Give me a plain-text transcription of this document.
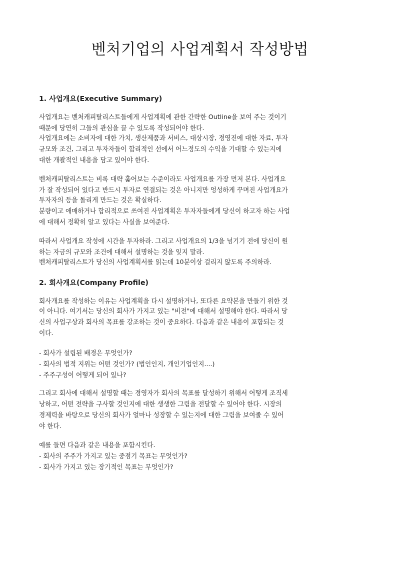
벤처기업의 사업계획서 작성방법
1. 사업개요(Executive Summary)
사업개요는 벤처캐피탈리스트들에게 사업계획에 관한 간략한 Outline을 보여 주는 것이기
때문에 당연히 그들의 관심을 끌 수 있도록 작성되어야 한다.
사업개요에는 소비자에 대한 가치, 생산제품과 서비스, 대상시장, 경영진에 대한 자료, 투자
규모와 조건, 그리고 투자자들이 합리적인 선에서 어느정도의 수익을 기대할 수 있는지에
대한 개괄적인 내용을 담고 있어야 한다.
벤처캐피탈리스트는 비록 대략 훑어보는 수준이라도 사업개요를 가장 먼저 본다. 사업개요
가 잘 작성되어 있다고 반드시 투자로 연결되는 것은 아니지만 엉성하게 꾸며진 사업개요가
투자자의 등을 돌리게 만드는 것은 확실하다.
분량이고 애매하거나 합리적으로 쓰여진 사업계획은 투자자들에게 당신이 하고자 하는 사업
에 대해서 정확히 알고 있다는 사실을 보여준다.
따라서 사업개요 작성에 시간을 투자하라. 그리고 사업개요의 1/3을 넘기기 전에 당신이 원
하는 자금의 규모와 조건에 대해서 설명하는 것을 잊지 말라.
벤처캐피탈리스트가 당신의 사업계획서를 읽는데 10분이상 걸리지 않도록 주의하라.
2. 회사개요(Company Profile)
회사개요를 작성하는 이유는 사업계획을 다시 설명하거나, 또다른 요약본을 만들기 위한 것
이 아니다. 여기서는 당신의 회사가 가지고 있는 "비전"에 대해서 설명해야 한다. 따라서 당
신의 사업구상과 회사의 목표를 강조하는 것이 중요하다. 다음과 같은 내용이 포함되는 것
이다.
- 회사가 설립된 배경은 무엇인가?
- 회사의 법적 지위는 어떤 것인가? (법인인지, 개인기업인지....)
- 주주구성이 어떻게 되어 있나?
그리고 회사에 대해서 설명할 때는 경영자가 회사의 목표를 달성하기 위해서 어떻게 조직세
낭하고, 어떤 전략을 구사할 것인지에 대한 생생한 그림을 전달할 수 있어야 한다. 시장의
경제력을 바탕으로 당신의 회사가 얼마나 성장할 수 있는지에 대한 그림을 보여줄 수 있어
야 한다.
예를 들면 다음과 같은 내용을 포함시킨다.
- 회사의 주주가 가지고 있는 중점기 목표는 무엇인가?
- 회사가 가지고 있는 장기적인 목표는 무엇인가?
